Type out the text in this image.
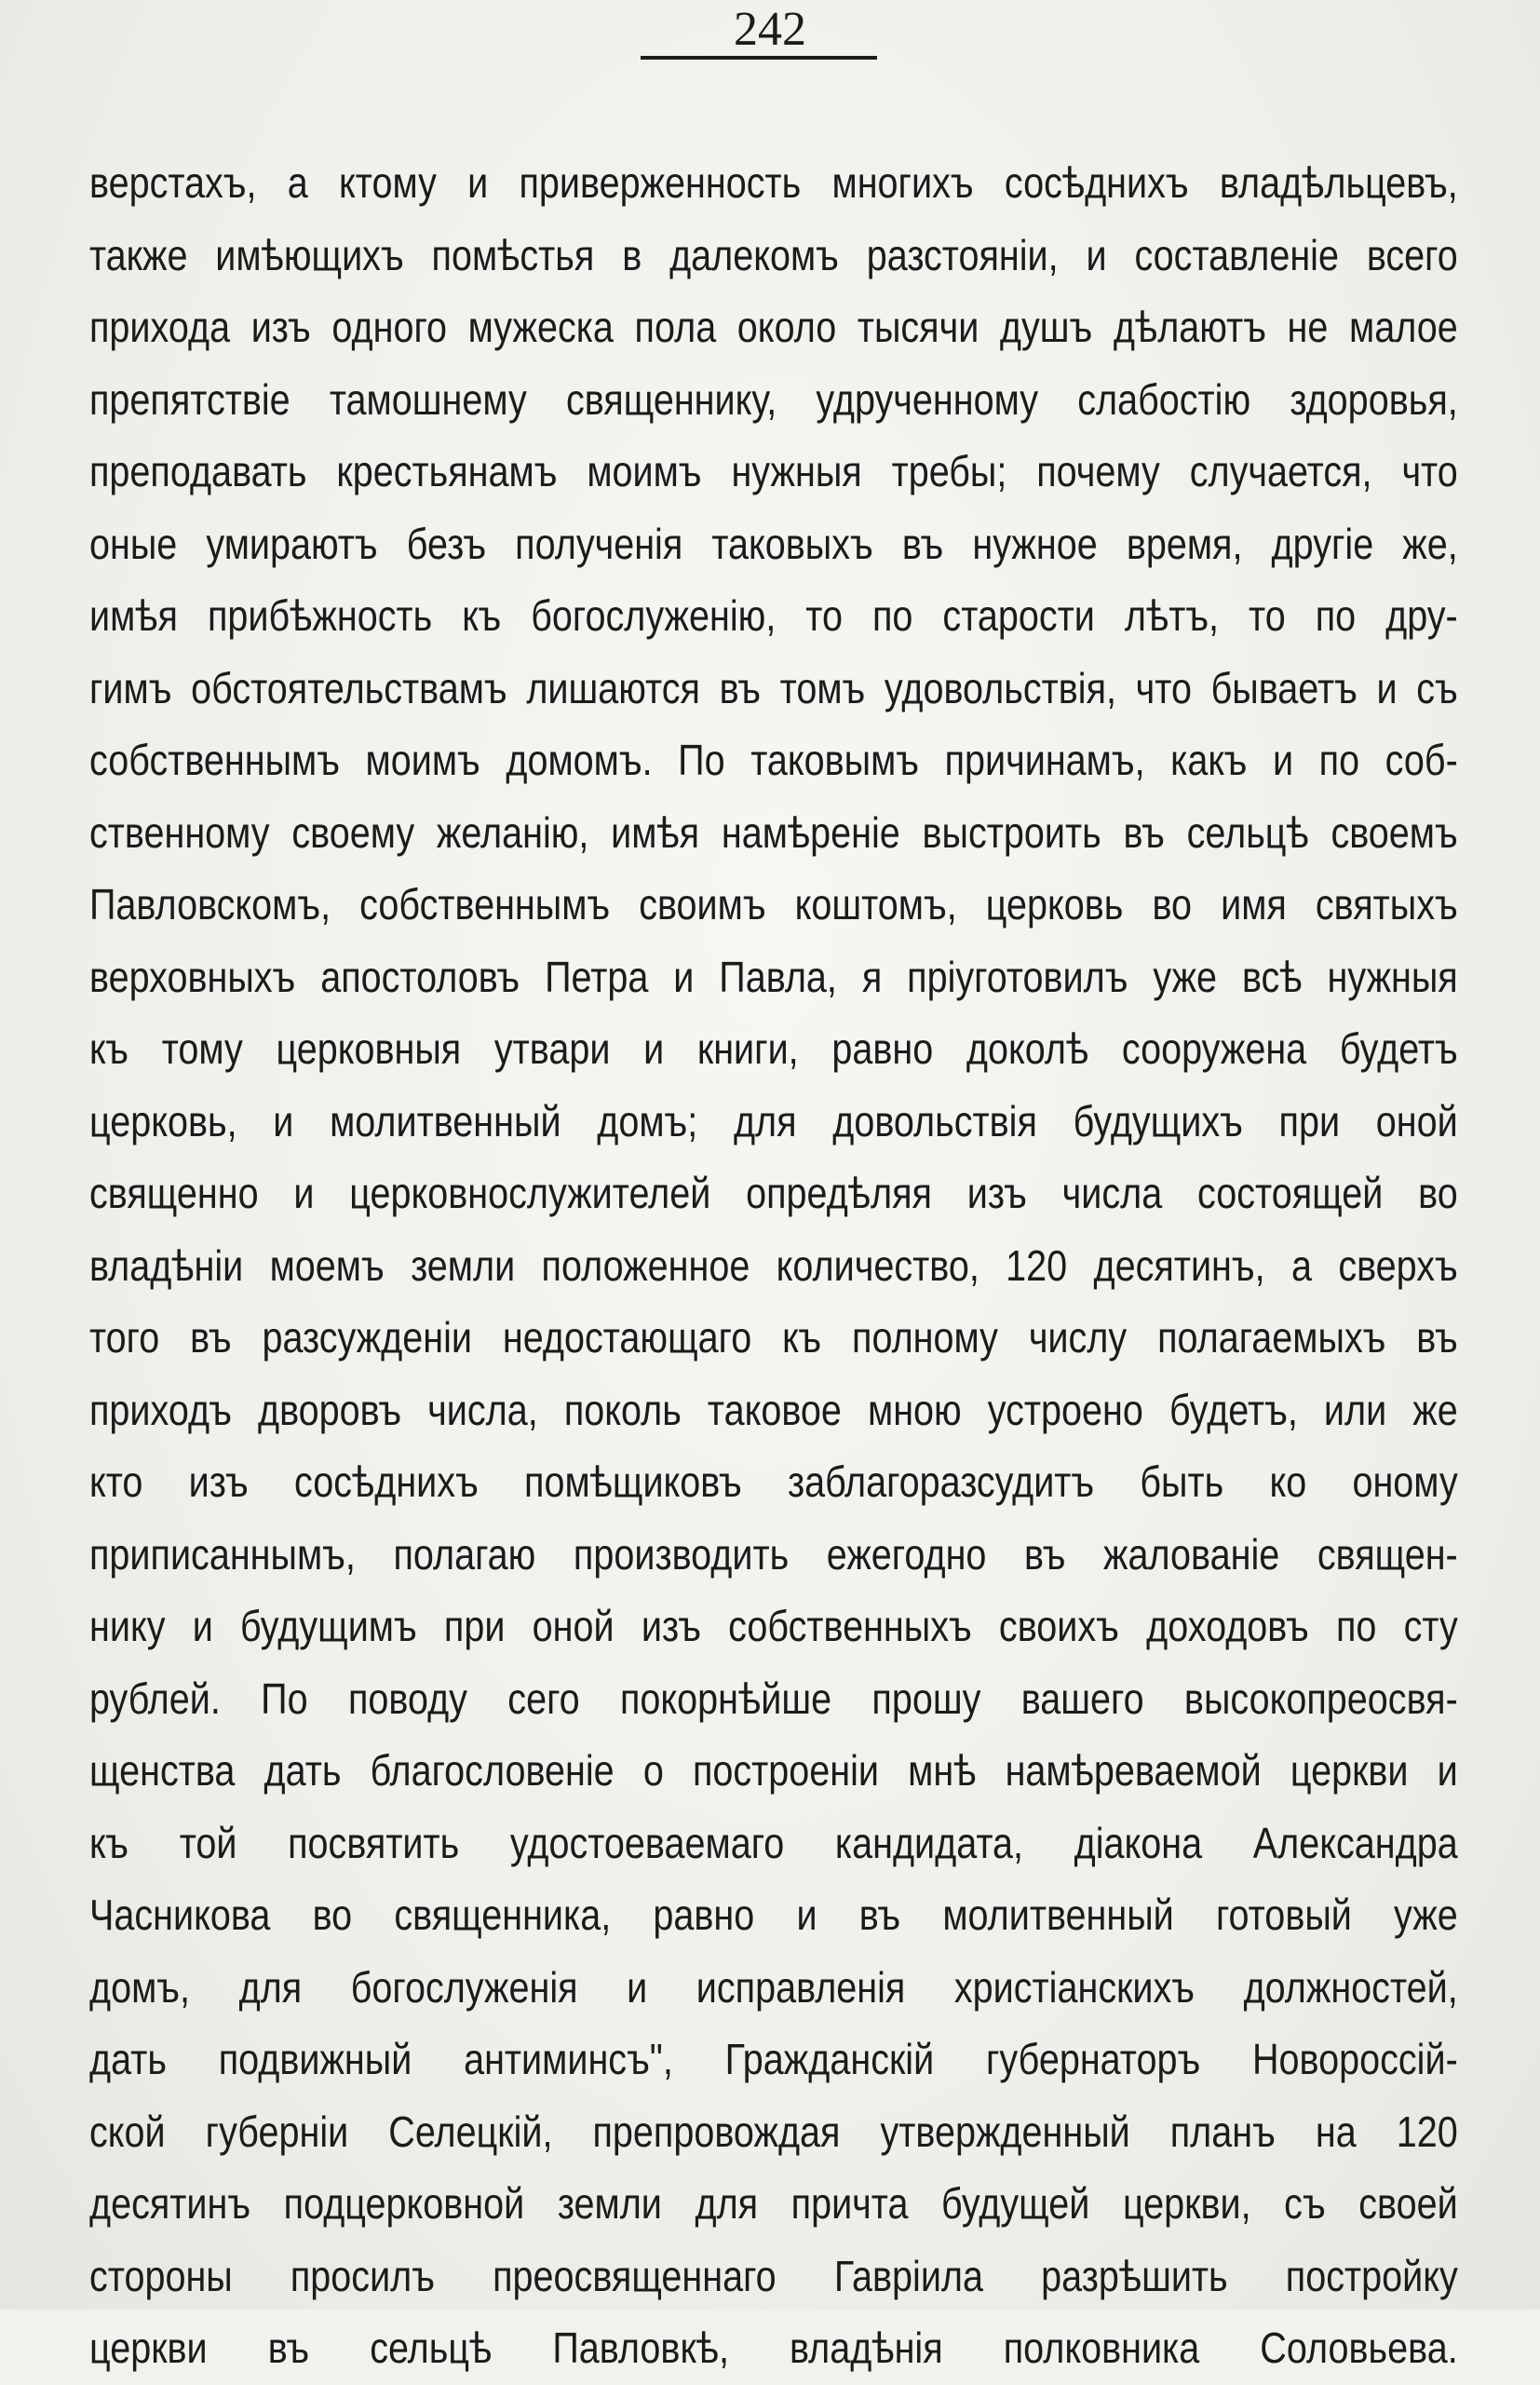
242
верстахъ, а ктому и приверженность многихъ сосѣднихъ владѣльцевъ,
также имѣющихъ помѣстья в далекомъ разстояніи, и составленіе всего
прихода изъ одного мужеска пола около тысячи душъ дѣлаютъ не малое
препятствіе тамошнему священнику, удрученному слабостію здоровья,
преподавать крестьянамъ моимъ нужныя требы; почему случается, что
оные умираютъ безъ полученія таковыхъ въ нужное время, другіе же,
имѣя прибѣжность къ богослуженію, то по старости лѣтъ, то по дру-
гимъ обстоятельствамъ лишаются въ томъ удовольствія, что бываетъ и съ
собственнымъ моимъ домомъ. По таковымъ причинамъ, какъ и по соб-
ственному своему желанію, имѣя намѣреніе выстроить въ сельцѣ своемъ
Павловскомъ, собственнымъ своимъ коштомъ, церковь во имя святыхъ
верховныхъ апостоловъ Петра и Павла, я пріуготовилъ уже всѣ нужныя
къ тому церковныя утвари и книги, равно доколѣ сооружена будетъ
церковь, и молитвенный домъ; для довольствія будущихъ при оной
священно и церковнослужителей опредѣляя изъ числа состоящей во
владѣніи моемъ земли положенное количество, 120 десятинъ, а сверхъ
того въ разсужденіи недостающаго къ полному числу полагаемыхъ въ
приходъ дворовъ числа, поколь таковое мною устроено будетъ, или же
кто изъ сосѣднихъ помѣщиковъ заблагоразсудитъ быть ко оному
приписаннымъ, полагаю производить ежегодно въ жалованіе священ-
нику и будущимъ при оной изъ собственныхъ своихъ доходовъ по сту
рублей. По поводу сего покорнѣйше прошу вашего высокопреосвя-
щенства дать благословеніе о построеніи мнѣ намѣреваемой церкви и
къ той посвятить удостоеваемаго кандидата, діакона Александра
Часникова во священника, равно и въ молитвенный готовый уже
домъ, для богослуженія и исправленія христіанскихъ должностей,
дать подвижный антиминсъ", Гражданскій губернаторъ Новороссій-
ской губерніи Селецкій, препровождая утвержденный планъ на 120
десятинъ подцерковной земли для причта будущей церкви, съ своей
стороны просилъ преосвященнаго Гавріила разрѣшить постройку
церкви въ сельцѣ Павловкѣ, владѣнія полковника Соловьева.
